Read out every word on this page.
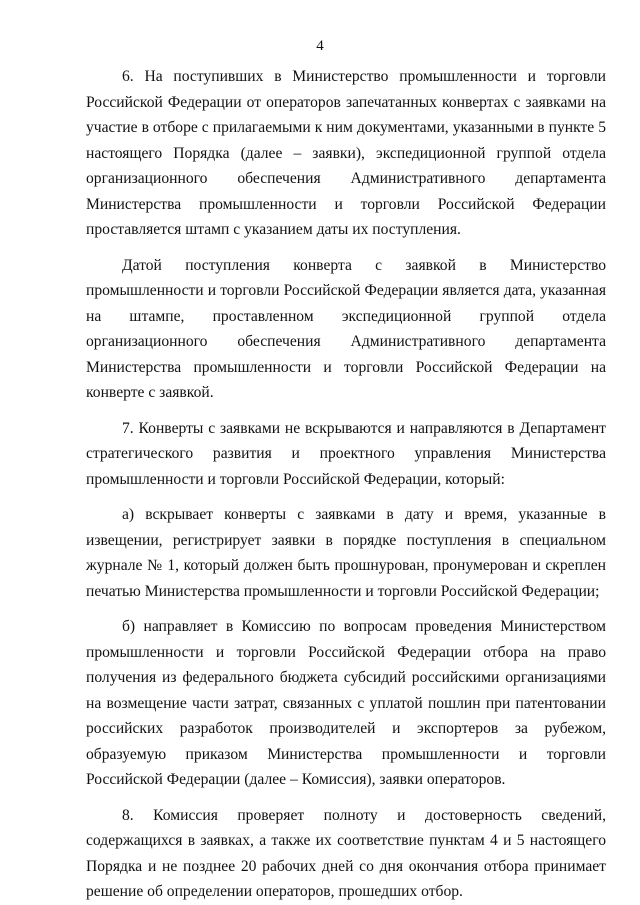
4

6. На поступивших в Министерство промышленности и торговли Российской Федерации от операторов запечатанных конвертах с заявками на участие в отборе с прилагаемыми к ним документами, указанными в пункте 5 настоящего Порядка (далее – заявки), экспедиционной группой отдела организационного обеспечения Административного департамента Министерства промышленности и торговли Российской Федерации проставляется штамп с указанием даты их поступления.

Датой поступления конверта с заявкой в Министерство промышленности и торговли Российской Федерации является дата, указанная на штампе, проставленном экспедиционной группой отдела организационного обеспечения Административного департамента Министерства промышленности и торговли Российской Федерации на конверте с заявкой.

7. Конверты с заявками не вскрываются и направляются в Департамент стратегического развития и проектного управления Министерства промышленности и торговли Российской Федерации, который:

а) вскрывает конверты с заявками в дату и время, указанные в извещении, регистрирует заявки в порядке поступления в специальном журнале № 1, который должен быть прошнурован, пронумерован и скреплен печатью Министерства промышленности и торговли Российской Федерации;

б) направляет в Комиссию по вопросам проведения Министерством промышленности и торговли Российской Федерации отбора на право получения из федерального бюджета субсидий российскими организациями на возмещение части затрат, связанных с уплатой пошлин при патентовании российских разработок производителей и экспортеров за рубежом, образуемую приказом Министерства промышленности и торговли Российской Федерации (далее – Комиссия), заявки операторов.

8. Комиссия проверяет полноту и достоверность сведений, содержащихся в заявках, а также их соответствие пунктам 4 и 5 настоящего Порядка и не позднее 20 рабочих дней со дня окончания отбора принимает решение об определении операторов, прошедших отбор.
